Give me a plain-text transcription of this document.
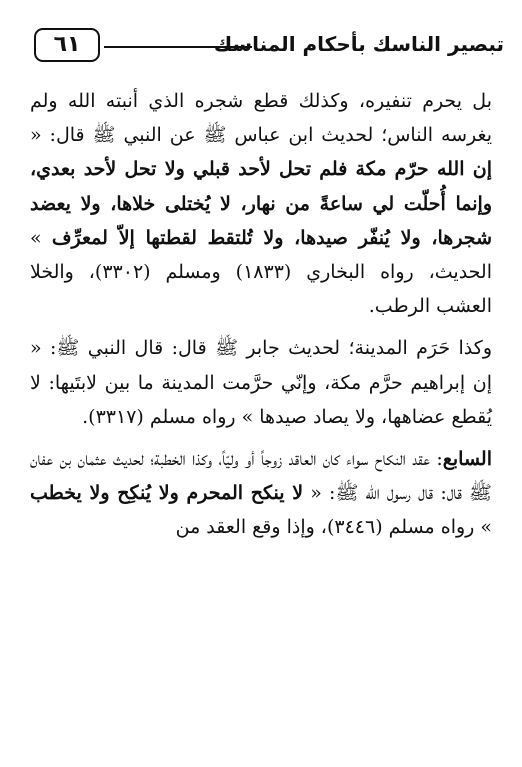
تبصير الناسك بأحكام المناسك
٦١

بل يحرم تنفيره، وكذلك قطع شجره الذي أنبته الله ولم يغرسه الناس؛ لحديث ابن عباس ﷺ عن النبي ﷺ قال: « إن الله حرّم مكة فلم تحل لأحد قبلي ولا تحل لأحد بعدي، وإنما أُحلّت لي ساعةً من نهار، لا يُختلى خلاها، ولا يعضد شجرها، ولا يُنفّر صيدها، ولا تُلتقط لقطتها إلاّ لمعرِّف » الحديث، رواه البخاري (١٨٣٣) ومسلم (٣٣٠٢)، والخلا العشب الرطب.

وكذا حَرَم المدينة؛ لحديث جابر ﷺ قال: قال النبي ﷺ: « إن إبراهيم حرَّم مكة، وإنّي حرَّمت المدينة ما بين لابتَيها: لا يُقطع عضاهها، ولا يصاد صيدها » رواه مسلم (٣٣١٧).

السابع: عقد النكاح سواء كان العاقد زوجاً أو وليّاً، وكذا الخطبة؛ لحديث عثمان بن عفان ﷺ قال: قال رسول الله ﷺ: « لا ينكح المحرم ولا يُنكِح ولا يخطب » رواه مسلم (٣٤٤٦)، وإذا وقع العقد من
